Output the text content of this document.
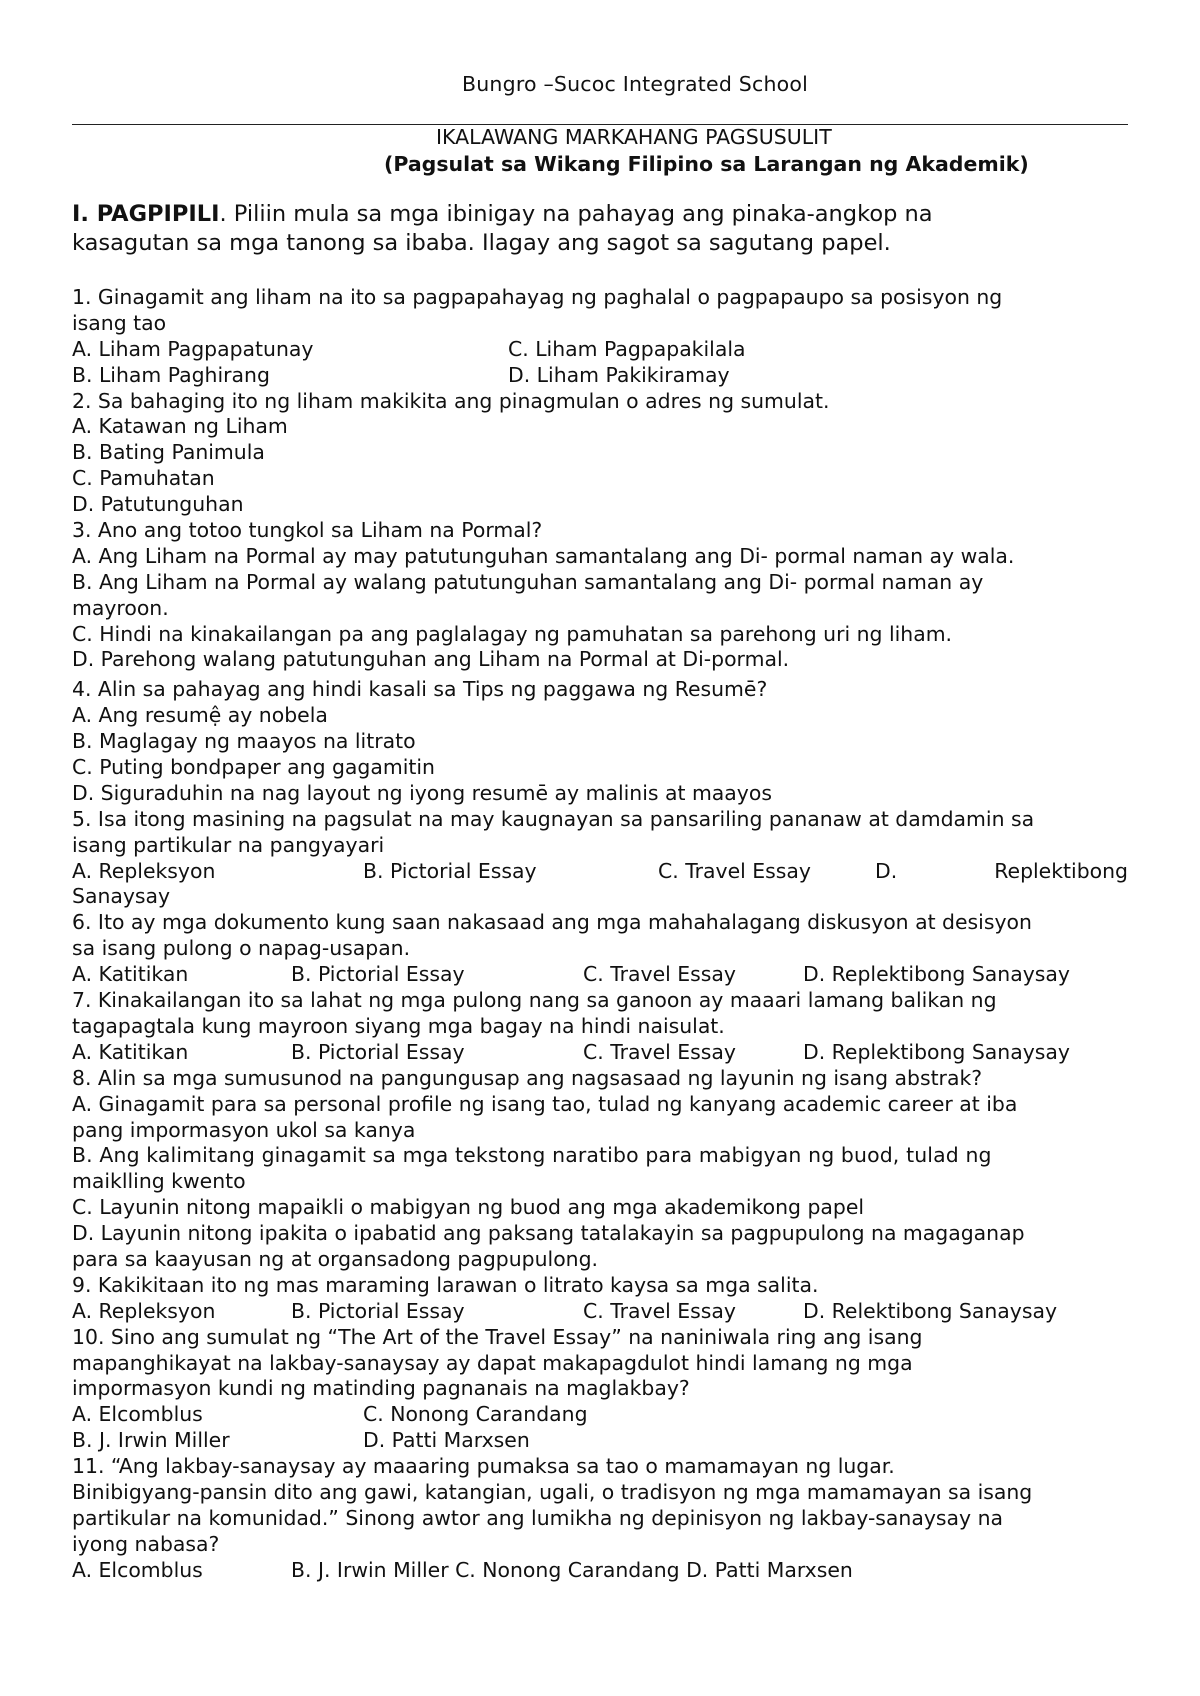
Bungro –Sucoc Integrated School
IKALAWANG MARKAHANG PAGSUSULIT
(Pagsulat sa Wikang Filipino sa Larangan ng Akademik)
I. PAGPIPILI. Piliin mula sa mga ibinigay na pahayag ang pinaka-angkop na
kasagutan sa mga tanong sa ibaba. Ilagay ang sagot sa sagutang papel.
1. Ginagamit ang liham na ito sa pagpapahayag ng paghalal o pagpapaupo sa posisyon ng
isang tao
A. Liham Pagpapatunay	C. Liham Pagpapakilala
B. Liham Paghirang	D. Liham Pakikiramay
2. Sa bahaging ito ng liham makikita ang pinagmulan o adres ng sumulat.
A. Katawan ng Liham
B. Bating Panimula
C. Pamuhatan
D. Patutunguhan
3. Ano ang totoo tungkol sa Liham na Pormal?
A. Ang Liham na Pormal ay may patutunguhan samantalang ang Di- pormal naman ay wala.
B. Ang Liham na Pormal ay walang patutunguhan samantalang ang Di- pormal naman ay
mayroon.
C. Hindi na kinakailangan pa ang paglalagay ng pamuhatan sa parehong uri ng liham.
D. Parehong walang patutunguhan ang Liham na Pormal at Di-pormal.
4. Alin sa pahayag ang hindi kasali sa Tips ng paggawa ng Resumē?
A. Ang resumệ ay nobela
B. Maglagay ng maayos na litrato
C. Puting bondpaper ang gagamitin
D. Siguraduhin na nag layout ng iyong resumē ay malinis at maayos
5. Isa itong masining na pagsulat na may kaugnayan sa pansariling pananaw at damdamin sa
isang partikular na pangyayari
A. Repleksyon	B. Pictorial Essay	C. Travel Essay	D.	Replektibong
Sanaysay
6. Ito ay mga dokumento kung saan nakasaad ang mga mahahalagang diskusyon at desisyon
sa isang pulong o napag-usapan.
A. Katitikan	B. Pictorial Essay	C. Travel Essay	D. Replektibong Sanaysay
7. Kinakailangan ito sa lahat ng mga pulong nang sa ganoon ay maaari lamang balikan ng
tagapagtala kung mayroon siyang mga bagay na hindi naisulat.
A. Katitikan	B. Pictorial Essay	C. Travel Essay	D. Replektibong Sanaysay
8. Alin sa mga sumusunod na pangungusap ang nagsasaad ng layunin ng isang abstrak?
A. Ginagamit para sa personal profile ng isang tao, tulad ng kanyang academic career at iba
pang impormasyon ukol sa kanya
B. Ang kalimitang ginagamit sa mga tekstong naratibo para mabigyan ng buod, tulad ng
maiklling kwento
C. Layunin nitong mapaikli o mabigyan ng buod ang mga akademikong papel
D. Layunin nitong ipakita o ipabatid ang paksang tatalakayin sa pagpupulong na magaganap
para sa kaayusan ng at organsadong pagpupulong.
9. Kakikitaan ito ng mas maraming larawan o litrato kaysa sa mga salita.
A. Repleksyon	B. Pictorial Essay	C. Travel Essay	D. Relektibong Sanaysay
10. Sino ang sumulat ng “The Art of the Travel Essay” na naniniwala ring ang isang
mapanghikayat na lakbay-sanaysay ay dapat makapagdulot hindi lamang ng mga
impormasyon kundi ng matinding pagnanais na maglakbay?
A. Elcomblus	C. Nonong Carandang
B. J. Irwin Miller	D. Patti Marxsen
11. “Ang lakbay-sanaysay ay maaaring pumaksa sa tao o mamamayan ng lugar.
Binibigyang-pansin dito ang gawi, katangian, ugali, o tradisyon ng mga mamamayan sa isang
partikular na komunidad.” Sinong awtor ang lumikha ng depinisyon ng lakbay-sanaysay na
iyong nabasa?
A. Elcomblus	B. J. Irwin Miller C. Nonong Carandang D. Patti Marxsen
